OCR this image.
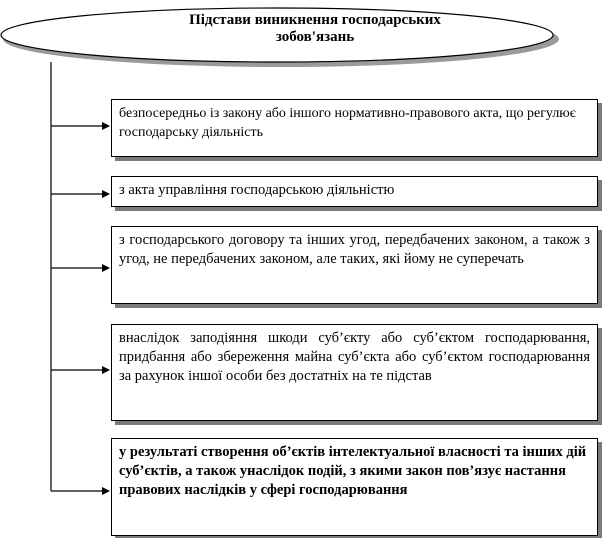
Підстави виникнення господарських зобов'язань
безпосередньо із закону або іншого нормативно-правового акта, що регулює господарську діяльність
з акта управління господарською діяльністю
з господарського договору та інших угод, передбачених законом, а також з угод, не передбачених законом, але таких, які йому не суперечать
внаслідок заподіяння шкоди суб’єкту або суб’єктом господарювання, придбання або збереження майна суб’єкта або суб’єктом господарювання за рахунок іншої особи без достатніх на те підстав
у результаті створення об’єктів інтелектуальної власності та інших дій суб’єктів, а також унаслідок подій, з якими закон пов’язує настання правових наслідків у сфері господарювання
